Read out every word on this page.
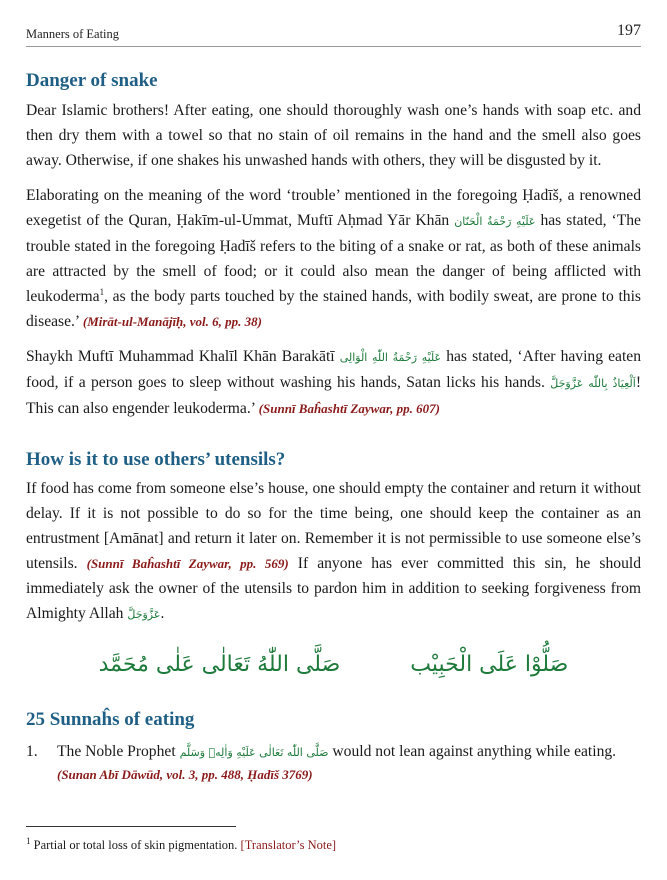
Manners of Eating	197
Danger of snake

Dear Islamic brothers! After eating, one should thoroughly wash one’s hands with soap etc. and then dry them with a towel so that no stain of oil remains in the hand and the smell also goes away. Otherwise, if one shakes his unwashed hands with others, they will be disgusted by it.

Elaborating on the meaning of the word ‘trouble’ mentioned in the foregoing Ḥadīš, a renowned exegetist of the Quran, Ḥakīm-ul-Ummat, Muftī Aḥmad Yār Khān عَلَیْهِ رَحْمَةُ الْحَنّان has stated, ‘The trouble stated in the foregoing Ḥadīš refers to the biting of a snake or rat, as both of these animals are attracted by the smell of food; or it could also mean the danger of being afflicted with leukoderma$^1$, as the body parts touched by the stained hands, with bodily sweat, are prone to this disease.’ (Mirāt-ul-Manājīḥ, vol. 6, pp. 38)

Shaykh Muftī Muhammad Khalīl Khān Barakātī عَلَیْهِ رَحْمَةُ اللّٰهِ الْوَالِی has stated, ‘After having eaten food, if a person goes to sleep without washing his hands, Satan licks his hands. اَلْعِیَاذُ بِاللّٰه عَزَّوَجَلَّ! This can also engender leukoderma.’ (Sunnī Baĥashtī Zaywar, pp. 607)

How is it to use others’ utensils?

If food has come from someone else’s house, one should empty the container and return it without delay. If it is not possible to do so for the time being, one should keep the container as an entrustment [Amānat] and return it later on. Remember it is not permissible to use someone else’s utensils. (Sunnī Baĥashtī Zaywar, pp. 569) If anyone has ever committed this sin, he should immediately ask the owner of the utensils to pardon him in addition to seeking forgiveness from Almighty Allah عَزَّوَجَلَّ.

صَلَّی اللّٰهُ تَعَالٰی عَلٰی مُحَمَّد	صَلُّوْا عَلَی الْحَبِیْب
25 Sunnaĥs of eating
1.	The Noble Prophet صَلَّی اللّٰه تَعَالٰی عَلَیْهِ وَاٰلِهٖ وَسَلَّم would not lean against anything while eating.

(Sunan Abī Dāwūd, vol. 3, pp. 488, Ḥadīš 3769)
$^1$ Partial or total loss of skin pigmentation. [Translator’s Note]
